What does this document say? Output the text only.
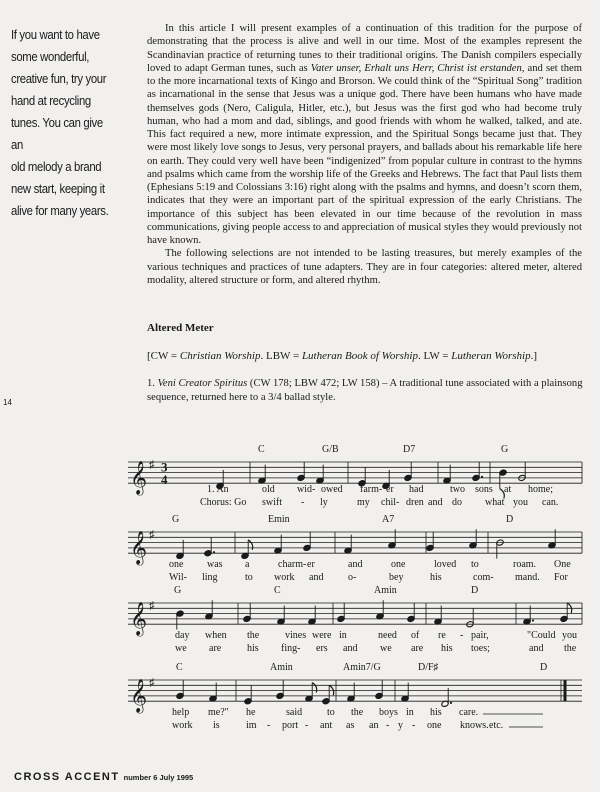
If you want to have
some wonderful,
creative fun, try your
hand at recycling
tunes. You can give an
old melody a brand
new start, keeping it
alive for many years.

In this article I will present examples of a continuation of this tradition for the purpose of demonstrating that the process is alive and well in our time. Most of the examples represent the Scandinavian practice of returning tunes to their traditional origins. The Danish compilers especially loved to adapt German tunes, such as Vater unser, Erhalt uns Herr, Christ ist erstanden, and set them to the more incarnational texts of Kingo and Brorson. We could think of the “Spiritual Song” tradition as incarnational in the sense that Jesus was a unique god. There have been humans who have made themselves gods (Nero, Caligula, Hitler, etc.), but Jesus was the first god who had become truly human, who had a mom and dad, siblings, and good friends with whom he walked, talked, and ate. This fact required a new, more intimate expression, and the Spiritual Songs became just that. They were most likely love songs to Jesus, very personal prayers, and ballads about his remarkable life here on earth. They could very well have been “indigenized” from popular culture in contrast to the hymns and psalms which came from the worship life of the Greeks and Hebrews. The fact that Paul lists them (Ephesians 5:19 and Colossians 3:16) right along with the psalms and hymns, and doesn’t scorn them, indicates that they were an important part of the spiritual expression of the early Christians. The importance of this subject has been elevated in our time because of the revolution in mass communications, giving people access to and appreciation of musical styles they would previously not have known.

The following selections are not intended to be lasting treasures, but merely examples of the various techniques and practices of tune adapters. They are in four categories: altered meter, altered modality, altered structure or form, and altered rhythm.

Altered Meter
[CW = Christian Worship. LBW = Lutheran Book of Worship. LW = Lutheran Worship.]
1. Veni Creator Spiritus (CW 178; LBW 472; LW 158) – A traditional tune associated with a plainsong sequence, returned here to a 3/4 ballad style.
14
𝄞 ♯ 3
4
C	G/B	D7	G
1. An	old wid- owed farm- er had	two sons at home;
Chorus: Go swift - ly	my chil- dren and do what you can.
𝄞 ♯
G	Emin	A7	D
one was a	charm- er	and	one	loved to	roam. One
Wil- ling	to work and o-	bey	his	com- mand. For
𝄞 ♯
G	C	Amin	D
day when the	vines were in	need of re - pair,	"Could you
we are	his fing- ers and we are his toes;	and the
𝄞 ♯
C	Amin	Amin7/G	D/F♯	D
help me?" he	said to the boys in his care.
work is	im - port - ant as an - y - one knows. etc.
CROSS ACCENT number 6 July 1995
